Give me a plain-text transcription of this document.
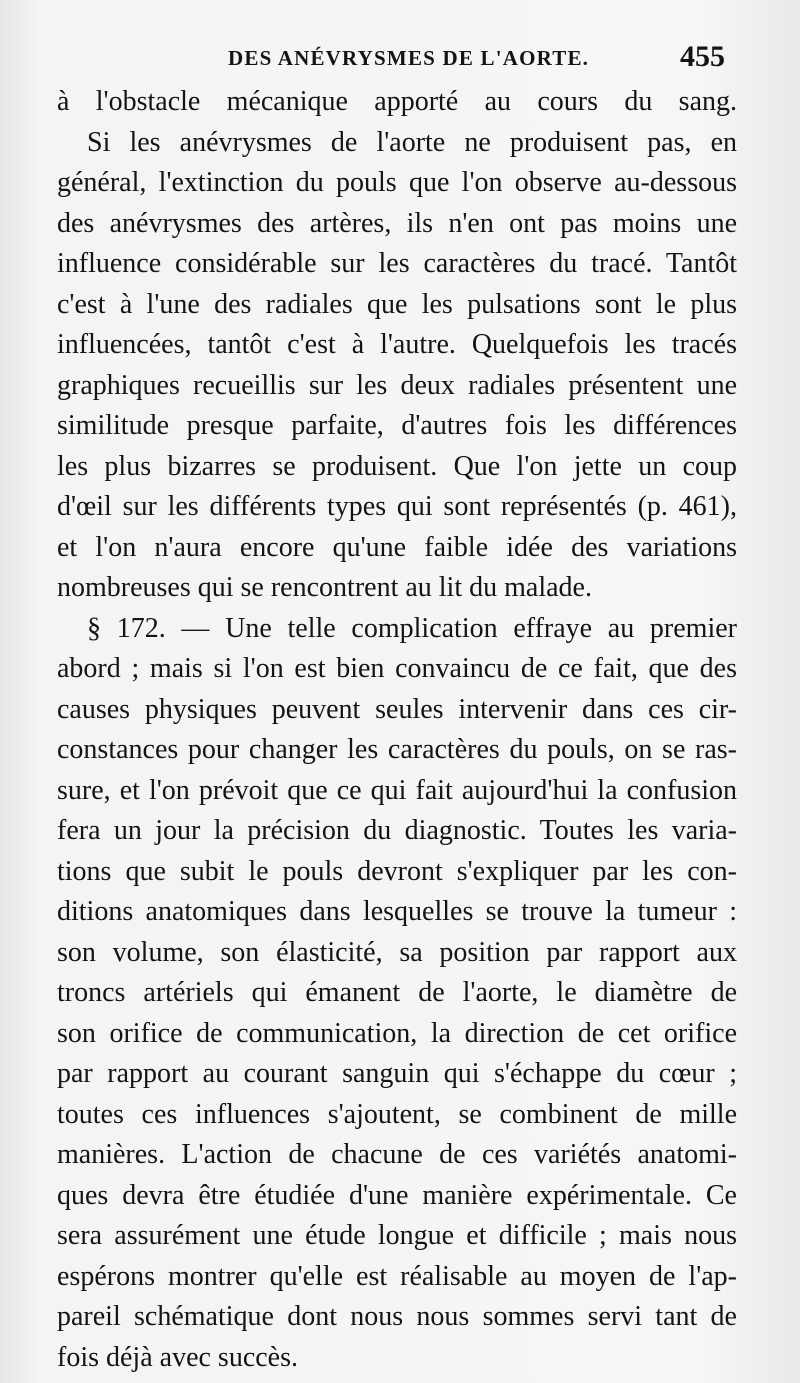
DES ANÉVRYSMES DE L'AORTE.	455
à l'obstacle mécanique apporté au cours du sang.
Si les anévrysmes de l'aorte ne produisent pas, en
général, l'extinction du pouls que l'on observe au-dessous
des anévrysmes des artères, ils n'en ont pas moins une
influence considérable sur les caractères du tracé. Tantôt
c'est à l'une des radiales que les pulsations sont le plus
influencées, tantôt c'est à l'autre. Quelquefois les tracés
graphiques recueillis sur les deux radiales présentent une
similitude presque parfaite, d'autres fois les différences
les plus bizarres se produisent. Que l'on jette un coup
d'œil sur les différents types qui sont représentés (p. 461),
et l'on n'aura encore qu'une faible idée des variations
nombreuses qui se rencontrent au lit du malade.
§ 172. — Une telle complication effraye au premier
abord ; mais si l'on est bien convaincu de ce fait, que des
causes physiques peuvent seules intervenir dans ces cir-
constances pour changer les caractères du pouls, on se ras-
sure, et l'on prévoit que ce qui fait aujourd'hui la confusion
fera un jour la précision du diagnostic. Toutes les varia-
tions que subit le pouls devront s'expliquer par les con-
ditions anatomiques dans lesquelles se trouve la tumeur :
son volume, son élasticité, sa position par rapport aux
troncs artériels qui émanent de l'aorte, le diamètre de
son orifice de communication, la direction de cet orifice
par rapport au courant sanguin qui s'échappe du cœur ;
toutes ces influences s'ajoutent, se combinent de mille
manières. L'action de chacune de ces variétés anatomi-
ques devra être étudiée d'une manière expérimentale. Ce
sera assurément une étude longue et difficile ; mais nous
espérons montrer qu'elle est réalisable au moyen de l'ap-
pareil schématique dont nous nous sommes servi tant de
fois déjà avec succès.
